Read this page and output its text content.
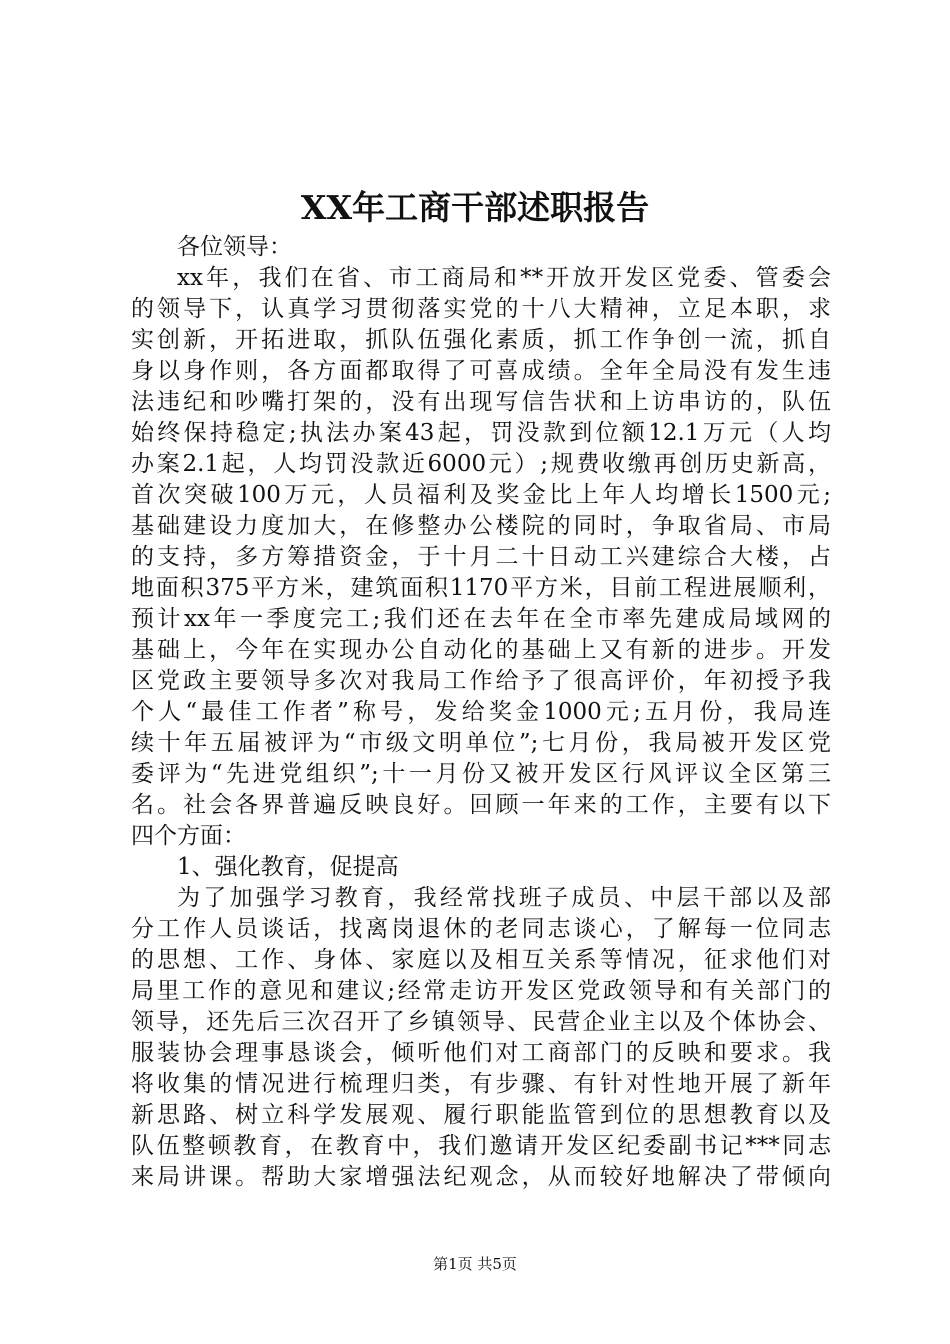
XX年工商干部述职报告
各位领导：
xx年，我们在省、市工商局和**开放开发区党委、管委会
的领导下，认真学习贯彻落实党的十八大精神，立足本职，求
实创新，开拓进取，抓队伍强化素质，抓工作争创一流，抓自
身以身作则，各方面都取得了可喜成绩。全年全局没有发生违
法违纪和吵嘴打架的，没有出现写信告状和上访串访的，队伍
始终保持稳定;执法办案43起，罚没款到位额12.1万元（人均
办案2.1起，人均罚没款近6000元）;规费收缴再创历史新高，
首次突破100万元，人员福利及奖金比上年人均增长1500元;
基础建设力度加大，在修整办公楼院的同时，争取省局、市局
的支持，多方筹措资金，于十月二十日动工兴建综合大楼，占
地面积375平方米，建筑面积1170平方米，目前工程进展顺利，
预计xx年一季度完工;我们还在去年在全市率先建成局域网的
基础上，今年在实现办公自动化的基础上又有新的进步。开发
区党政主要领导多次对我局工作给予了很高评价，年初授予我
个人“最佳工作者”称号，发给奖金1000元;五月份，我局连
续十年五届被评为“市级文明单位”;七月份，我局被开发区党
委评为“先进党组织”;十一月份又被开发区行风评议全区第三
名。社会各界普遍反映良好。回顾一年来的工作，主要有以下
四个方面：
1、强化教育，促提高
为了加强学习教育，我经常找班子成员、中层干部以及部
分工作人员谈话，找离岗退休的老同志谈心，了解每一位同志
的思想、工作、身体、家庭以及相互关系等情况，征求他们对
局里工作的意见和建议;经常走访开发区党政领导和有关部门的
领导，还先后三次召开了乡镇领导、民营企业主以及个体协会、
服装协会理事恳谈会，倾听他们对工商部门的反映和要求。我
将收集的情况进行梳理归类，有步骤、有针对性地开展了新年
新思路、树立科学发展观、履行职能监管到位的思想教育以及
队伍整顿教育，在教育中，我们邀请开发区纪委副书记***同志
来局讲课。帮助大家增强法纪观念，从而较好地解决了带倾向
第1页 共5页
